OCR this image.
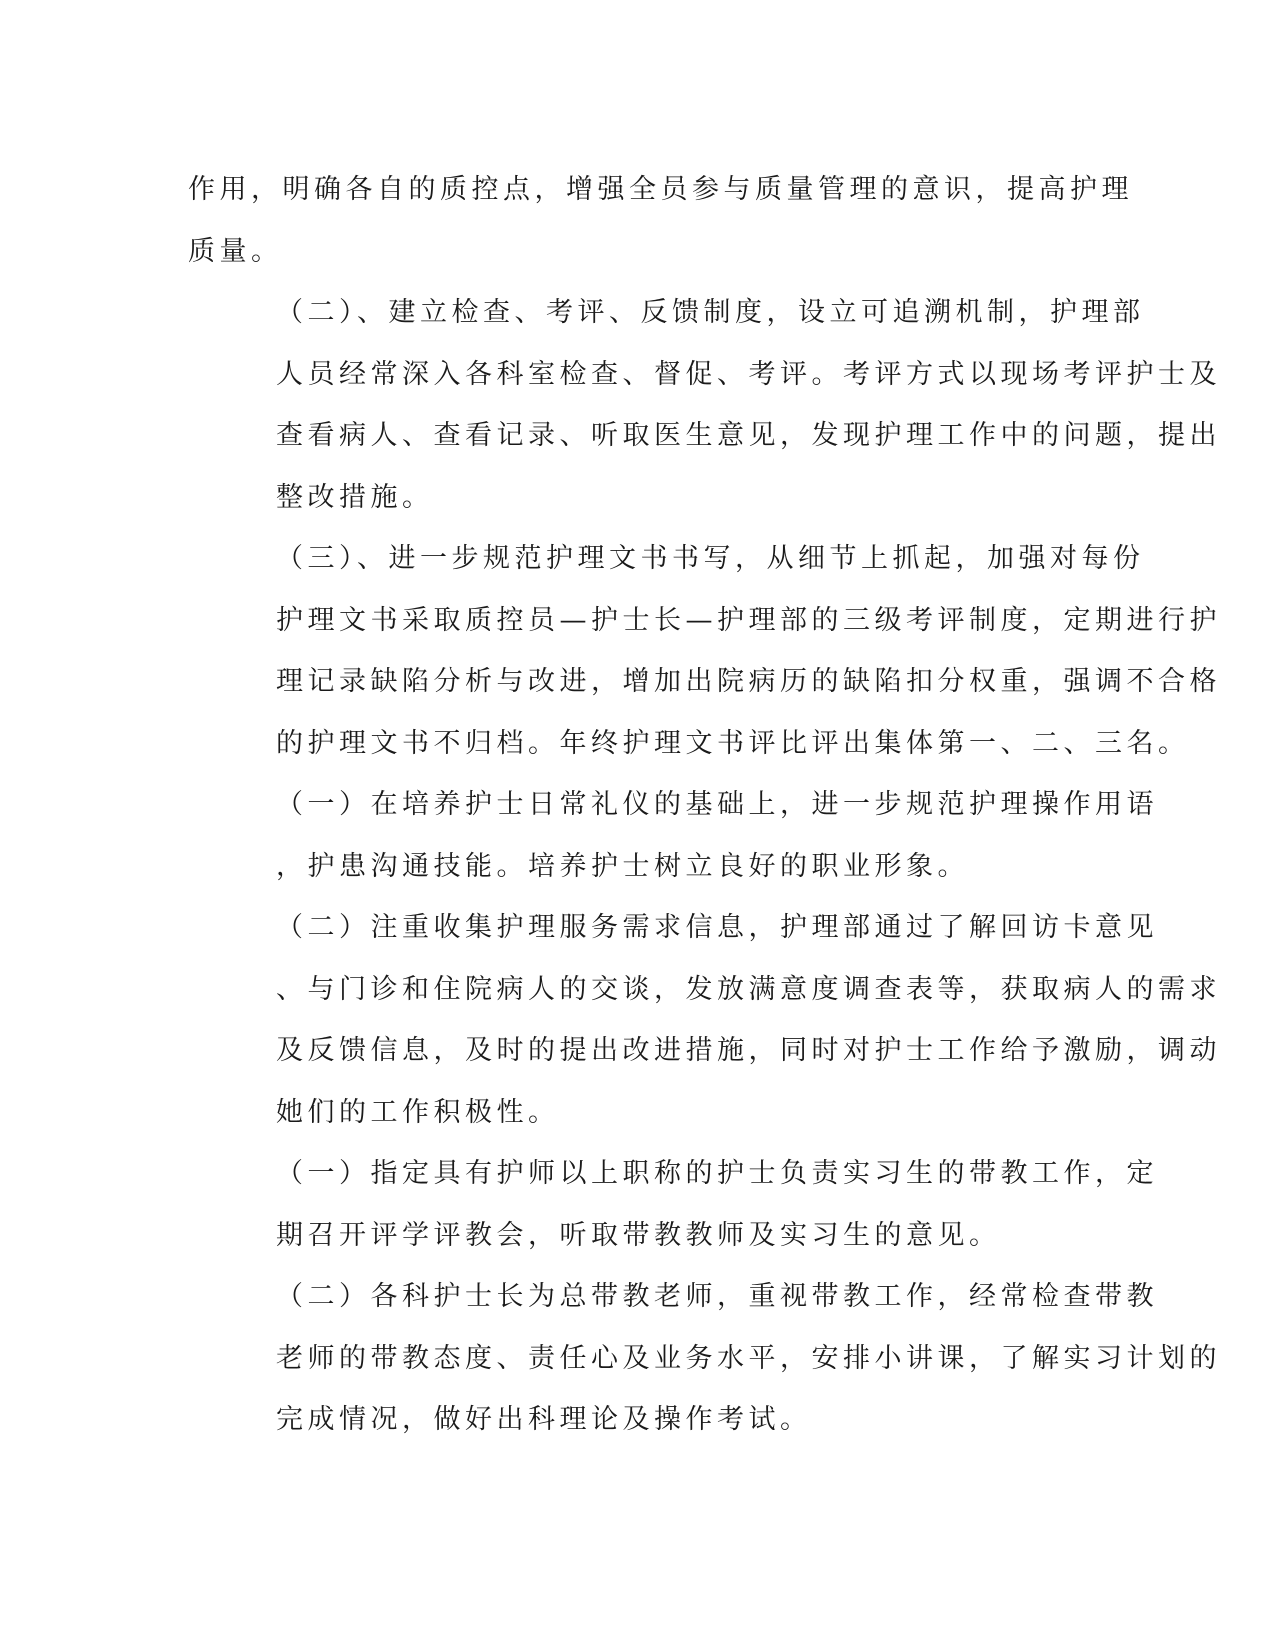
作用，明确各自的质控点，增强全员参与质量管理的意识，提高护理
质量。

（二）、建立检查、考评、反馈制度，设立可追溯机制，护理部
人员经常深入各科室检查、督促、考评。考评方式以现场考评护士及
查看病人、查看记录、听取医生意见，发现护理工作中的问题，提出
整改措施。

（三）、进一步规范护理文书书写，从细节上抓起，加强对每份
护理文书采取质控员—护士长—护理部的三级考评制度，定期进行护
理记录缺陷分析与改进，增加出院病历的缺陷扣分权重，强调不合格
的护理文书不归档。年终护理文书评比评出集体第一、二、三名。

（一）在培养护士日常礼仪的基础上，进一步规范护理操作用语
，护患沟通技能。培养护士树立良好的职业形象。

（二）注重收集护理服务需求信息，护理部通过了解回访卡意见
、与门诊和住院病人的交谈，发放满意度调查表等，获取病人的需求
及反馈信息，及时的提出改进措施，同时对护士工作给予激励，调动
她们的工作积极性。

（一）指定具有护师以上职称的护士负责实习生的带教工作，定
期召开评学评教会，听取带教教师及实习生的意见。

（二）各科护士长为总带教老师，重视带教工作，经常检查带教
老师的带教态度、责任心及业务水平，安排小讲课，了解实习计划的
完成情况，做好出科理论及操作考试。
